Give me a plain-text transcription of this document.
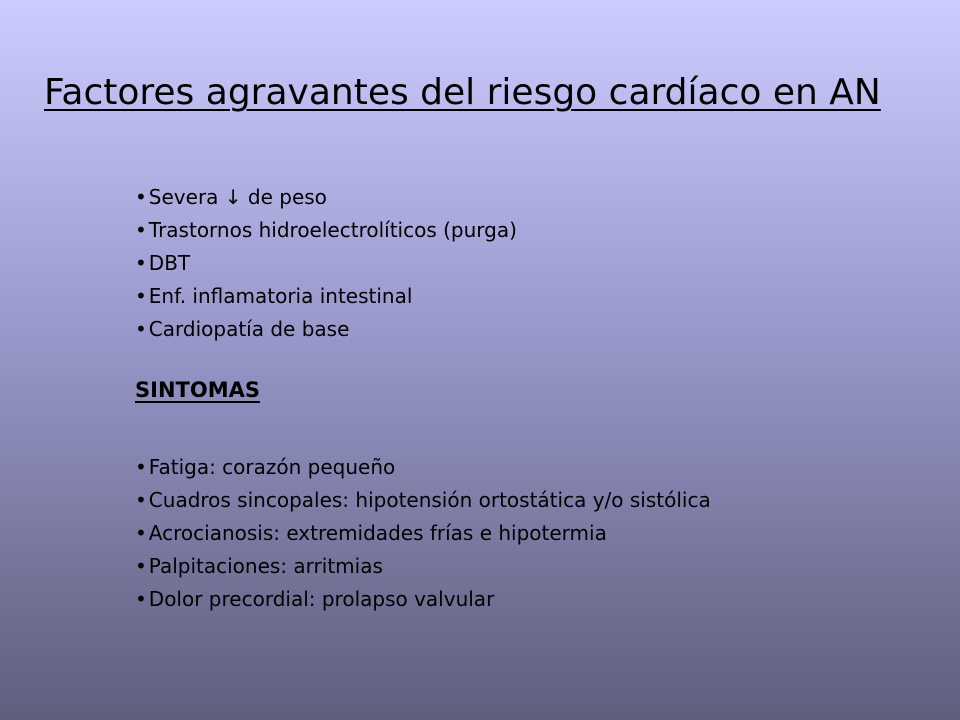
Factores agravantes del riesgo cardíaco en AN
• Severa ↓ de peso
• Trastornos hidroelectrolíticos (purga)
• DBT
• Enf. inflamatoria intestinal
• Cardiopatía de base
SINTOMAS
• Fatiga: corazón pequeño
• Cuadros sincopales: hipotensión ortostática y/o sistólica
• Acrocianosis: extremidades frías e hipotermia
• Palpitaciones: arritmias
• Dolor precordial: prolapso valvular
